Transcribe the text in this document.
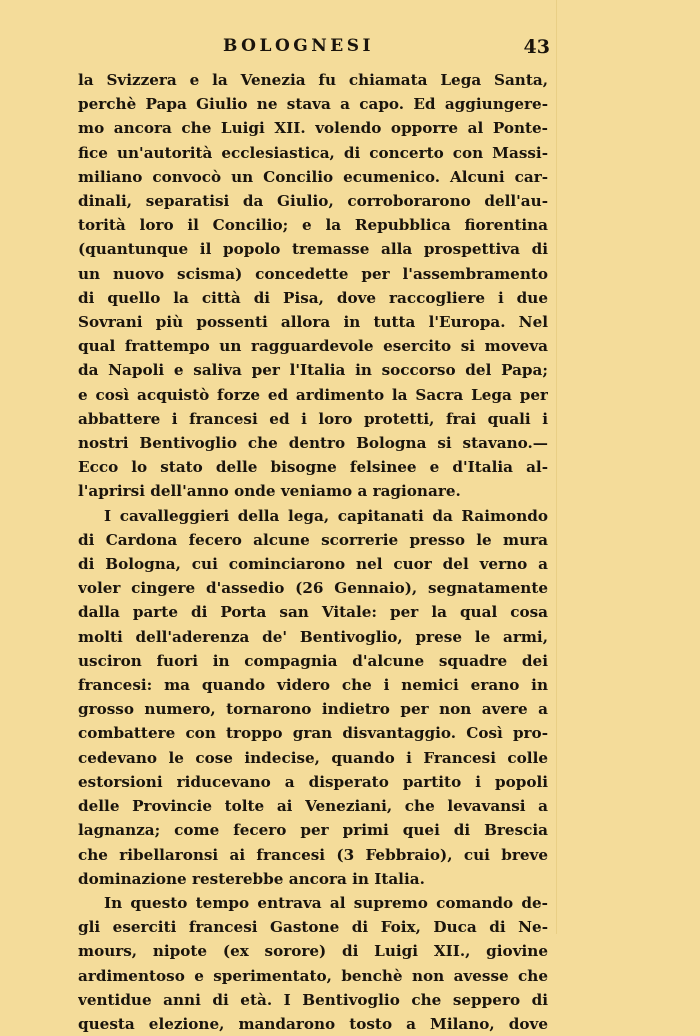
BOLOGNESI	43

la Svizzera e la Venezia fu chiamata Lega Santa,

perchè Papa Giulio ne stava a capo. Ed aggiungere-

mo ancora che Luigi XII. volendo opporre al Ponte-

fice un'autorità ecclesiastica, di concerto con Massi-

miliano convocò un Concilio ecumenico. Alcuni car-

dinali, separatisi da Giulio, corroborarono dell'au-

torità loro il Concilio; e la Repubblica fiorentina

(quantunque il popolo tremasse alla prospettiva di

un nuovo scisma) concedette per l'assembramento

di quello la città di Pisa, dove raccogliere i due

Sovrani più possenti allora in tutta l'Europa. Nel

qual frattempo un ragguardevole esercito si moveva

da Napoli e saliva per l'Italia in soccorso del Papa;

e così acquistò forze ed ardimento la Sacra Lega per

abbattere i francesi ed i loro protetti, frai quali i

nostri Bentivoglio che dentro Bologna si stavano.—

Ecco lo stato delle bisogne felsinee e d'Italia al-

l'aprirsi dell'anno onde veniamo a ragionare.

I cavalleggieri della lega, capitanati da Raimondo

di Cardona fecero alcune scorrerie presso le mura

di Bologna, cui cominciarono nel cuor del verno a

voler cingere d'assedio (26 Gennaio), segnatamente

dalla parte di Porta san Vitale: per la qual cosa

molti dell'aderenza de' Bentivoglio, prese le armi,

usciron fuori in compagnia d'alcune squadre dei

francesi: ma quando videro che i nemici erano in

grosso numero, tornarono indietro per non avere a

combattere con troppo gran disvantaggio. Così pro-

cedevano le cose indecise, quando i Francesi colle

estorsioni riducevano a disperato partito i popoli

delle Provincie tolte ai Veneziani, che levavansi a

lagnanza; come fecero per primi quei di Brescia

che ribellaronsi ai francesi (3 Febbraio), cui breve

dominazione resterebbe ancora in Italia.

In questo tempo entrava al supremo comando de-

gli eserciti francesi Gastone di Foix, Duca di Ne-

mours, nipote (ex sorore) di Luigi XII., giovine

ardimentoso e sperimentato, benchè non avesse che

ventidue anni di età. I Bentivoglio che seppero di

questa elezione, mandarono tosto a Milano, dove
